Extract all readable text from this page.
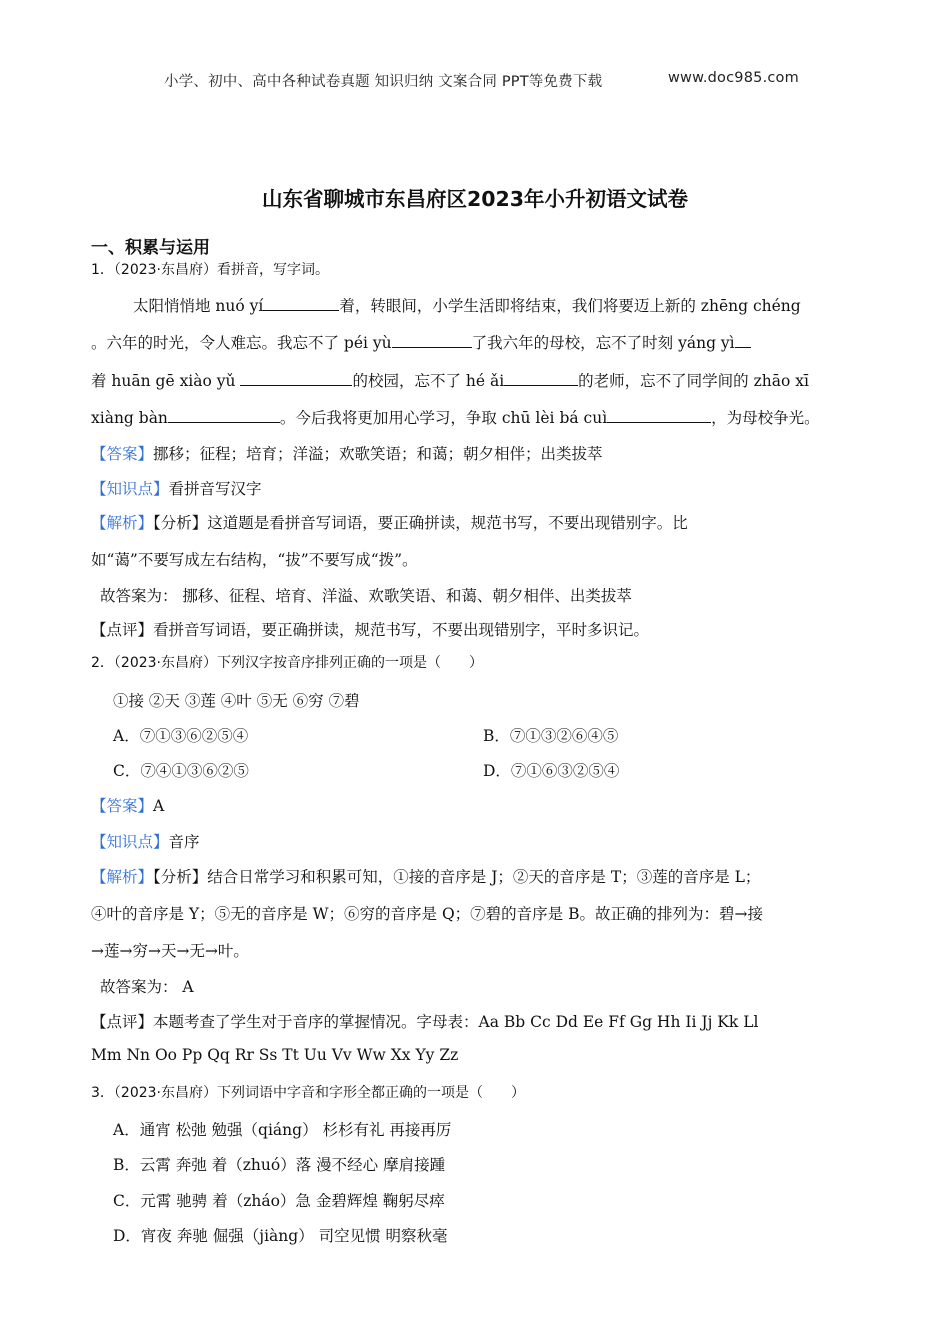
小学、初中、高中各种试卷真题 知识归纳 文案合同 PPT等免费下载	www.doc985.com
山东省聊城市东昌府区2023年小升初语文试卷
一、积累与运用
1．（2023·东昌府）看拼音，写字词。
太阳悄悄地 nuó yí	着，转眼间，小学生活即将结束，我们将要迈上新的 zhēng chéng
。六年的时光，令人难忘。我忘不了 péi yù	了我六年的母校，忘不了时刻 yáng yì
着 huān gē xiào yǔ	的校园，忘不了 hé ǎi	的老师，忘不了同学间的 zhāo xī
xiàng bàn	。今后我将更加用心学习，争取 chū lèi bá cuì	，为母校争光。
【答案】挪移；征程；培育；洋溢；欢歌笑语；和蔼；朝夕相伴；出类拔萃
【知识点】看拼音写汉字
【解析】【分析】这道题是看拼音写词语，要正确拼读，规范书写，不要出现错别字。比
如“蔼”不要写成左右结构，“拔”不要写成“拨”。
故答案为： 挪移、征程、培育、洋溢、欢歌笑语、和蔼、朝夕相伴、出类拔萃
【点评】看拼音写词语，要正确拼读，规范书写，不要出现错别字，平时多识记。
2．（2023·东昌府）下列汉字按音序排列正确的一项是（　　）
①接 ②天 ③莲 ④叶 ⑤无 ⑥穷 ⑦碧
A．⑦①③⑥②⑤④	B．⑦①③②⑥④⑤
C．⑦④①③⑥②⑤	D．⑦①⑥③②⑤④
【答案】A
【知识点】音序
【解析】【分析】结合日常学习和积累可知，①接的音序是 J；②天的音序是 T；③莲的音序是 L；
④叶的音序是 Y；⑤无的音序是 W；⑥穷的音序是 Q；⑦碧的音序是 B。故正确的排列为：碧→接
→莲→穷→天→无→叶。
故答案为： A
【点评】本题考查了学生对于音序的掌握情况。字母表：Aa Bb Cc Dd Ee Ff Gg Hh Ii Jj Kk Ll
Mm Nn Oo Pp Qq Rr Ss Tt Uu Vv Ww Xx Yy Zz
3．（2023·东昌府）下列词语中字音和字形全都正确的一项是（　　）
A．通宵 松弛 勉强（qiáng） 杉杉有礼 再接再厉
B．云霄 奔弛 着（zhuó）落 漫不经心 摩肩接踵
C．元霄 驰骋 着（zháo）急 金碧辉煌 鞠躬尽瘁
D．宵夜 奔驰 倔强（jiàng） 司空见惯 明察秋毫
